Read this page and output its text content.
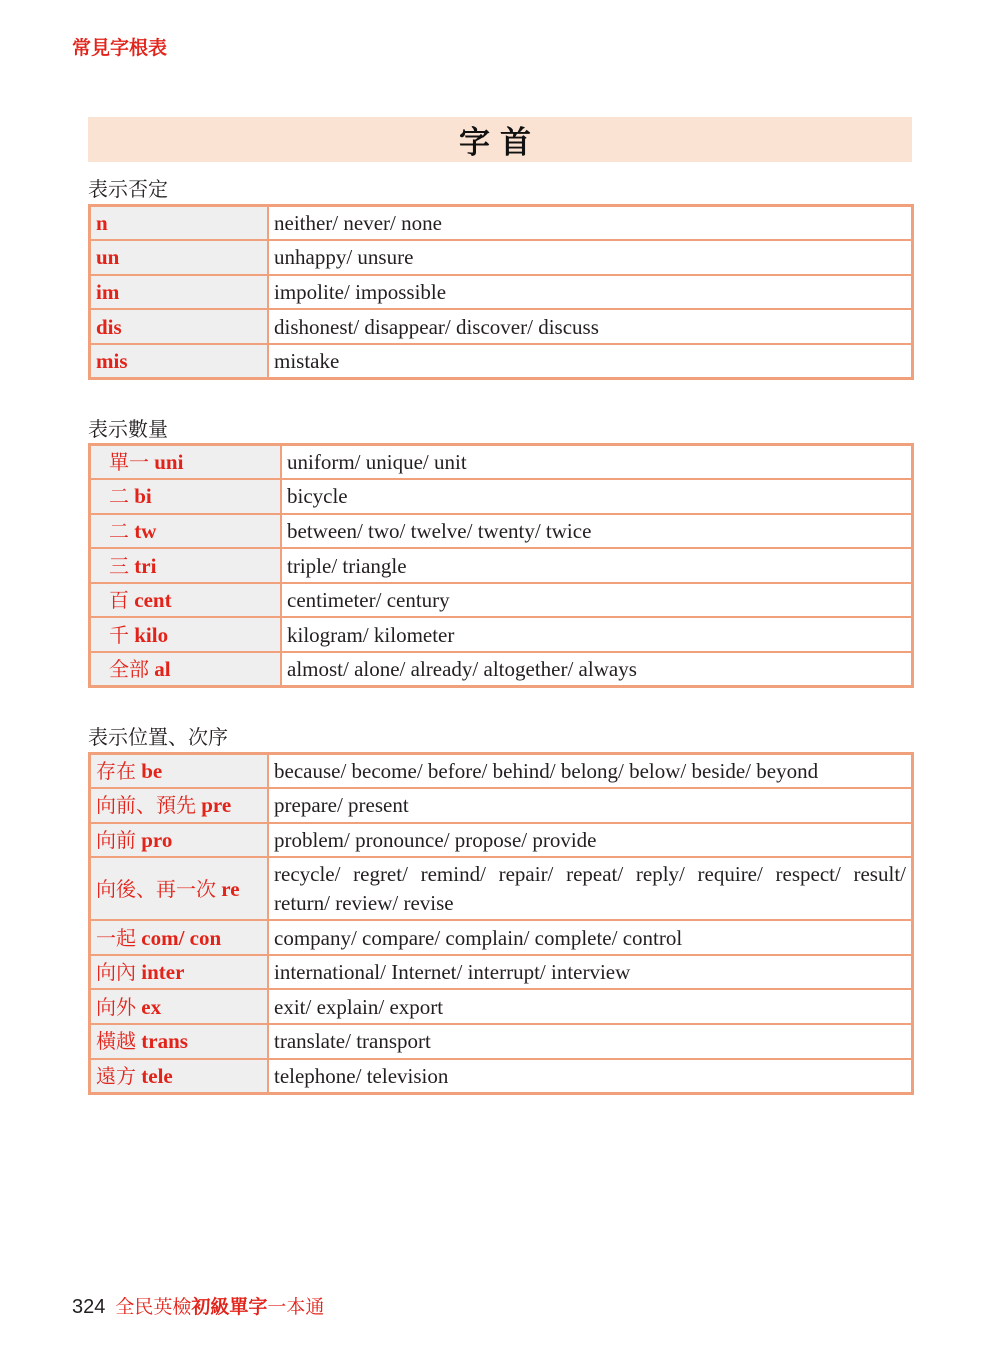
常見字根表
字首
表示否定
n	neither/ never/ none
un	unhappy/ unsure
im	impolite/ impossible
dis	dishonest/ disappear/ discover/ discuss
mis	mistake
表示數量
單一 uni	uniform/ unique/ unit
二 bi	bicycle
二 tw	between/ two/ twelve/ twenty/ twice
三 tri	triple/ triangle
百 cent	centimeter/ century
千 kilo	kilogram/ kilometer
全部 al	almost/ alone/ already/ altogether/ always
表示位置、次序
存在 be	because/ become/ before/ behind/ belong/ below/ beside/ beyond
向前、預先 pre	prepare/ present
向前 pro	problem/ pronounce/ propose/ provide
向後、再一次 re	recycle/ regret/ remind/ repair/ repeat/ reply/ require/ respect/ result/ return/ review/ revise
一起 com/ con	company/ compare/ complain/ complete/ control
向內 inter	international/ Internet/ interrupt/ interview
向外 ex	exit/ explain/ export
橫越 trans	translate/ transport
遠方 tele	telephone/ television
324 全民英檢初級單字一本通
